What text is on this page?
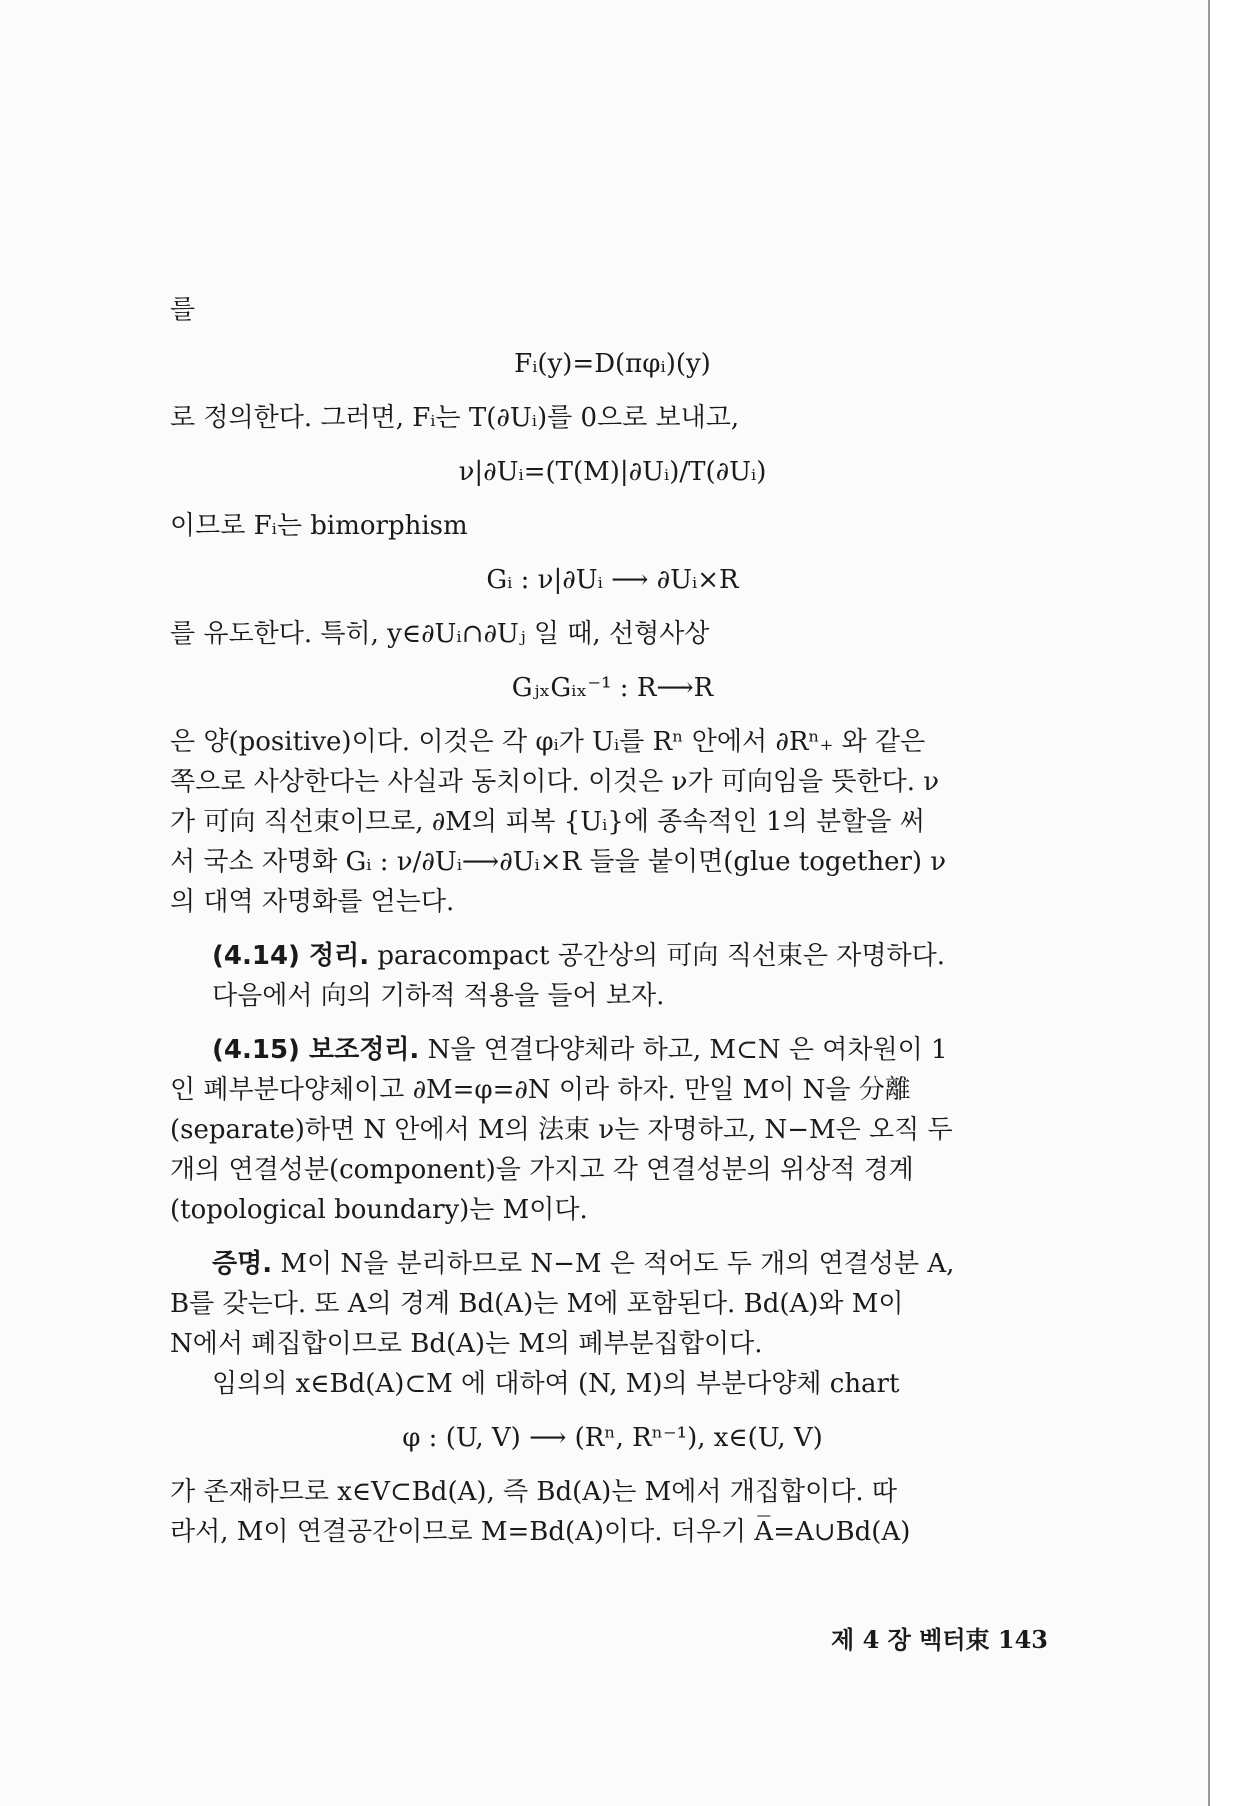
를
Fᵢ(y)=D(πφᵢ)(y)
로 정의한다. 그러면, Fᵢ는 T(∂Uᵢ)를 0으로 보내고,
ν|∂Uᵢ=(T(M)|∂Uᵢ)/T(∂Uᵢ)
이므로 Fᵢ는 bimorphism
Gᵢ : ν|∂Uᵢ ⟶ ∂Uᵢ×R
를 유도한다. 특히, y∈∂Uᵢ∩∂Uⱼ 일 때, 선형사상
GⱼₓGᵢₓ⁻¹ : R⟶R
은 양(positive)이다. 이것은 각 φᵢ가 Uᵢ를 Rⁿ 안에서 ∂Rⁿ₊ 와 같은
쪽으로 사상한다는 사실과 동치이다. 이것은 ν가 可向임을 뜻한다. ν
가 可向 직선束이므로, ∂M의 피복 {Uᵢ}에 종속적인 1의 분할을 써
서 국소 자명화 Gᵢ : ν/∂Uᵢ⟶∂Uᵢ×R 들을 붙이면(glue together) ν
의 대역 자명화를 얻는다.
(4.14) 정리. paracompact 공간상의 可向 직선束은 자명하다.
다음에서 向의 기하적 적용을 들어 보자.
(4.15) 보조정리. N을 연결다양체라 하고, M⊂N 은 여차원이 1
인 폐부분다양체이고 ∂M=φ=∂N 이라 하자. 만일 M이 N을 分離
(separate)하면 N 안에서 M의 法束 ν는 자명하고, N−M은 오직 두
개의 연결성분(component)을 가지고 각 연결성분의 위상적 경계
(topological boundary)는 M이다.
증명. M이 N을 분리하므로 N−M 은 적어도 두 개의 연결성분 A,
B를 갖는다. 또 A의 경계 Bd(A)는 M에 포함된다. Bd(A)와 M이
N에서 폐집합이므로 Bd(A)는 M의 폐부분집합이다.
임의의 x∈Bd(A)⊂M 에 대하여 (N, M)의 부분다양체 chart
φ : (U, V) ⟶ (Rⁿ, Rⁿ⁻¹), x∈(U, V)
가 존재하므로 x∈V⊂Bd(A), 즉 Bd(A)는 M에서 개집합이다. 따
라서, M이 연결공간이므로 M=Bd(A)이다. 더우기 A̅=A∪Bd(A)
제 4 장 벡터束 143
